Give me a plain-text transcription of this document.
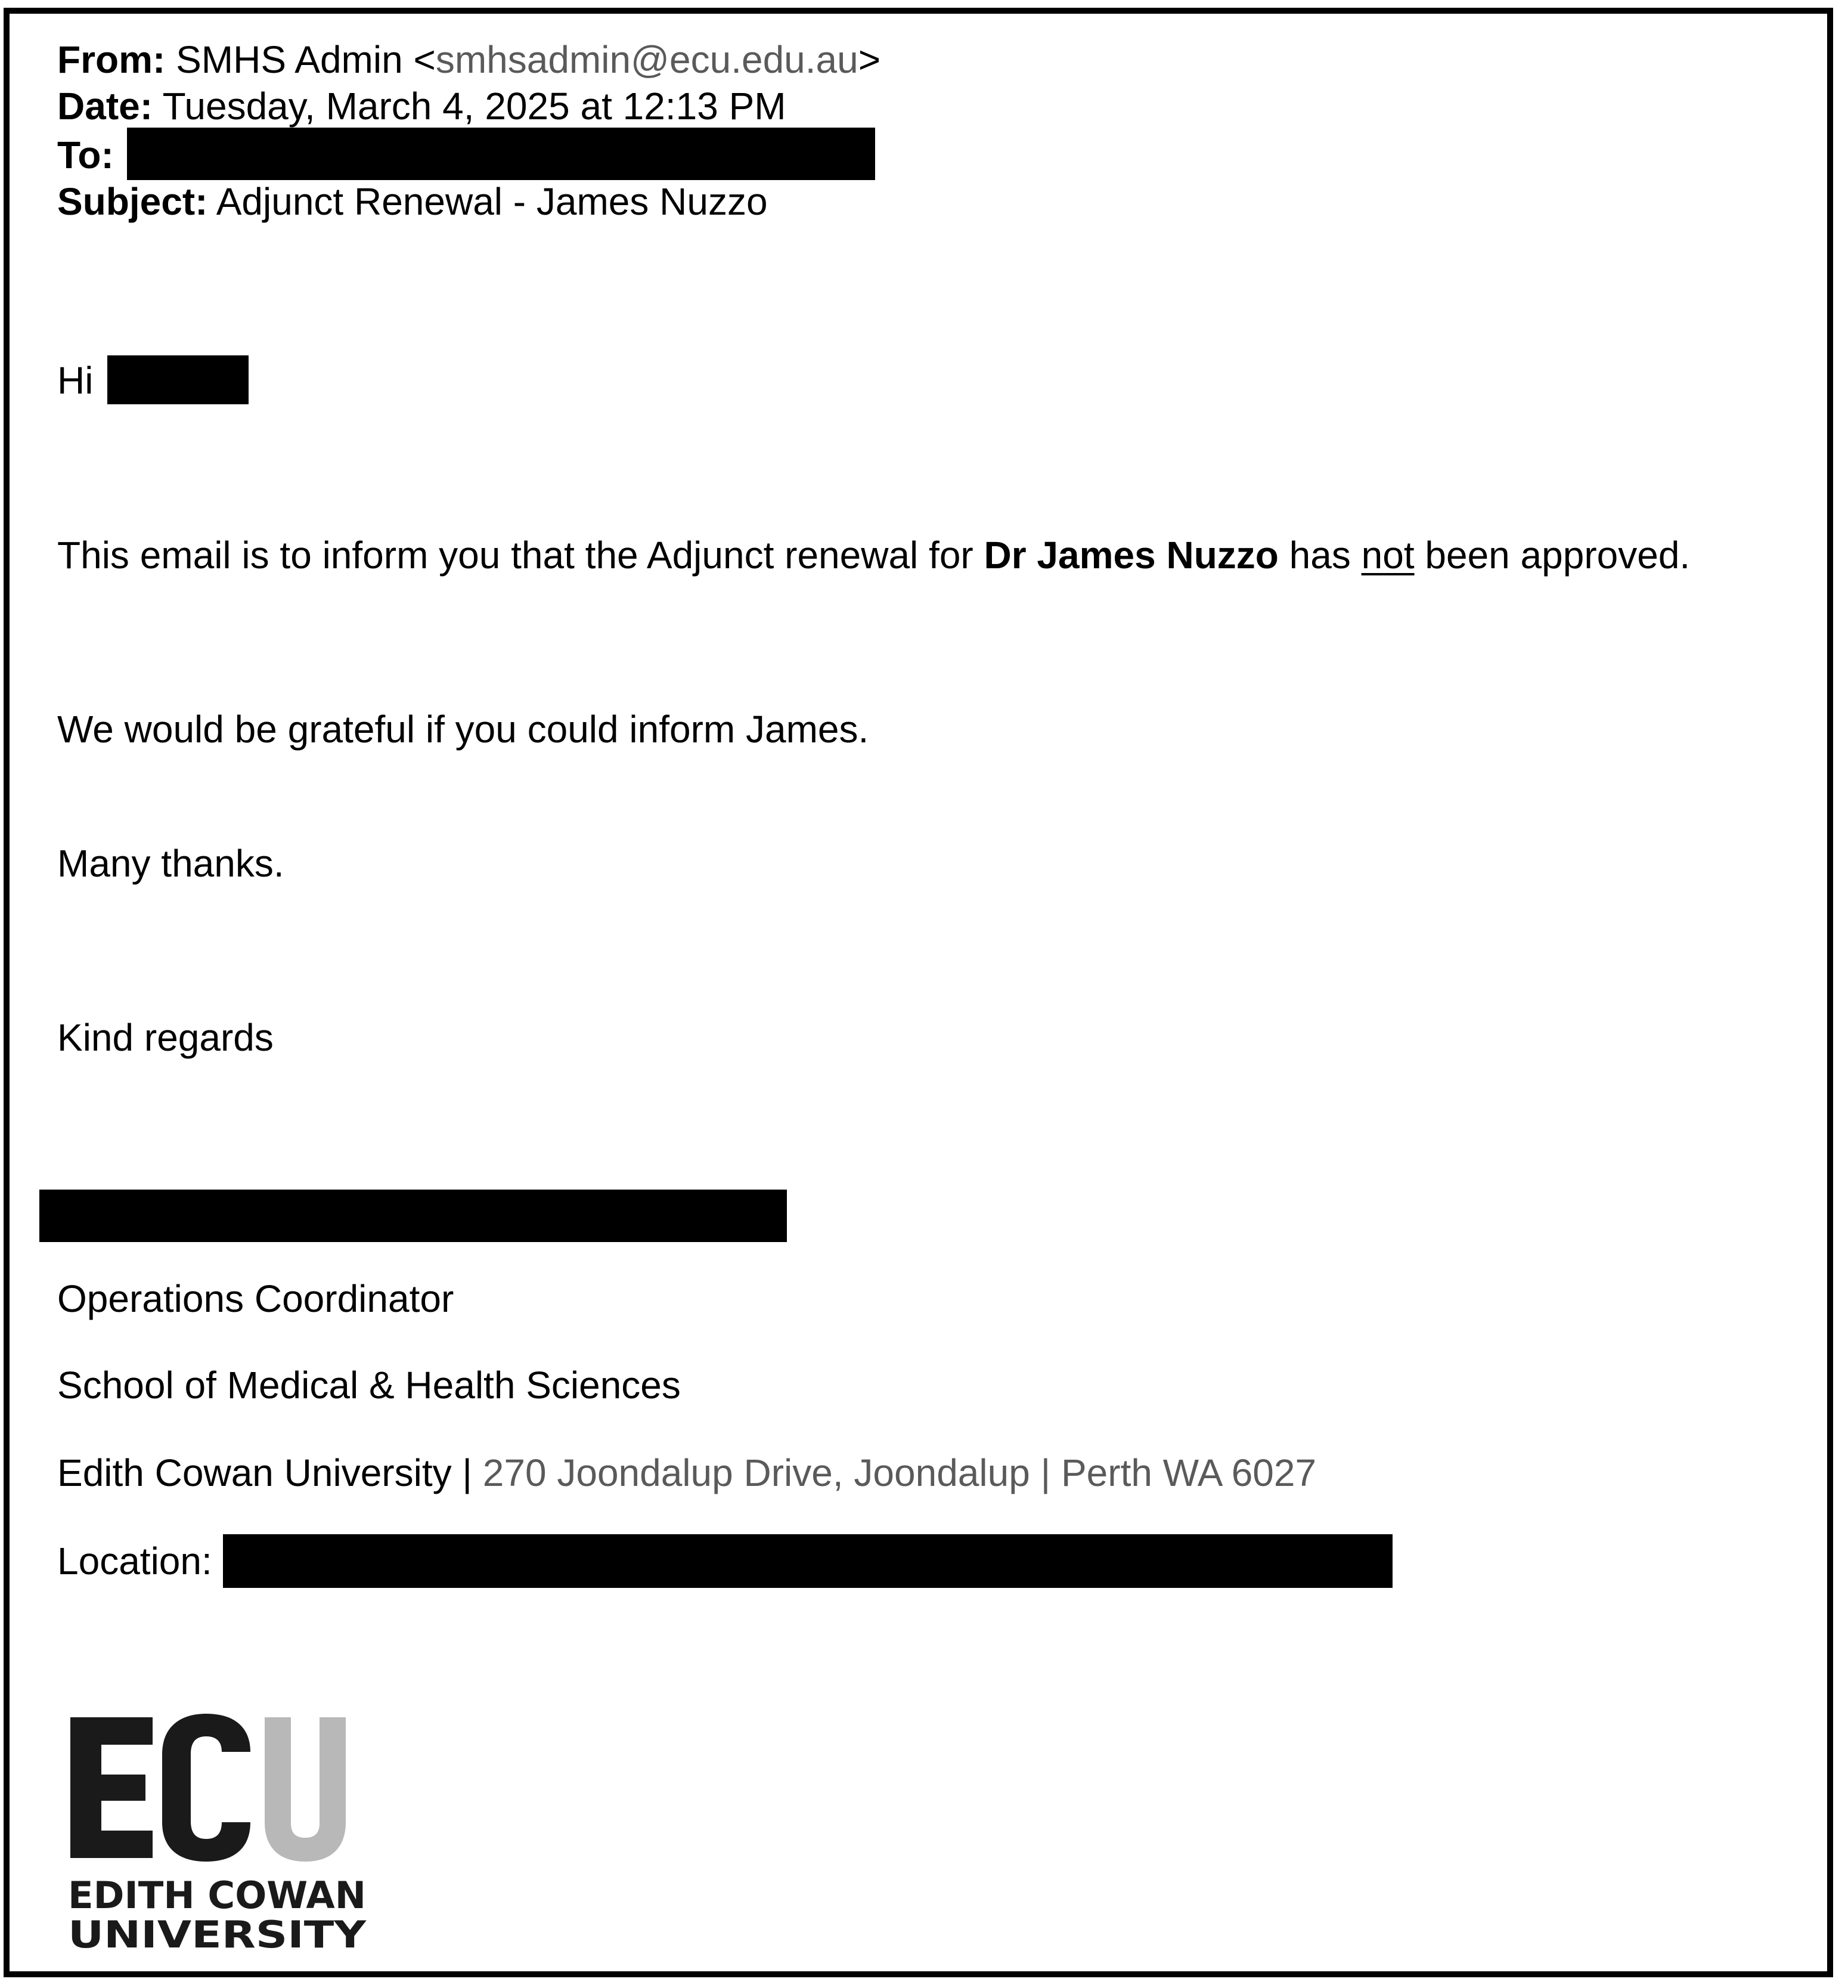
From: SMHS Admin <smhsadmin@ecu.edu.au>
Date: Tuesday, March 4, 2025 at 12:13 PM
To:
Subject: Adjunct Renewal - James Nuzzo
Hi
This email is to inform you that the Adjunct renewal for Dr James Nuzzo has not been approved.
We would be grateful if you could inform James.
Many thanks.
Kind regards
Operations Coordinator
School of Medical & Health Sciences
Edith Cowan University | 270 Joondalup Drive, Joondalup | Perth WA 6027
Location:
EDITH COWAN
UNIVERSITY
